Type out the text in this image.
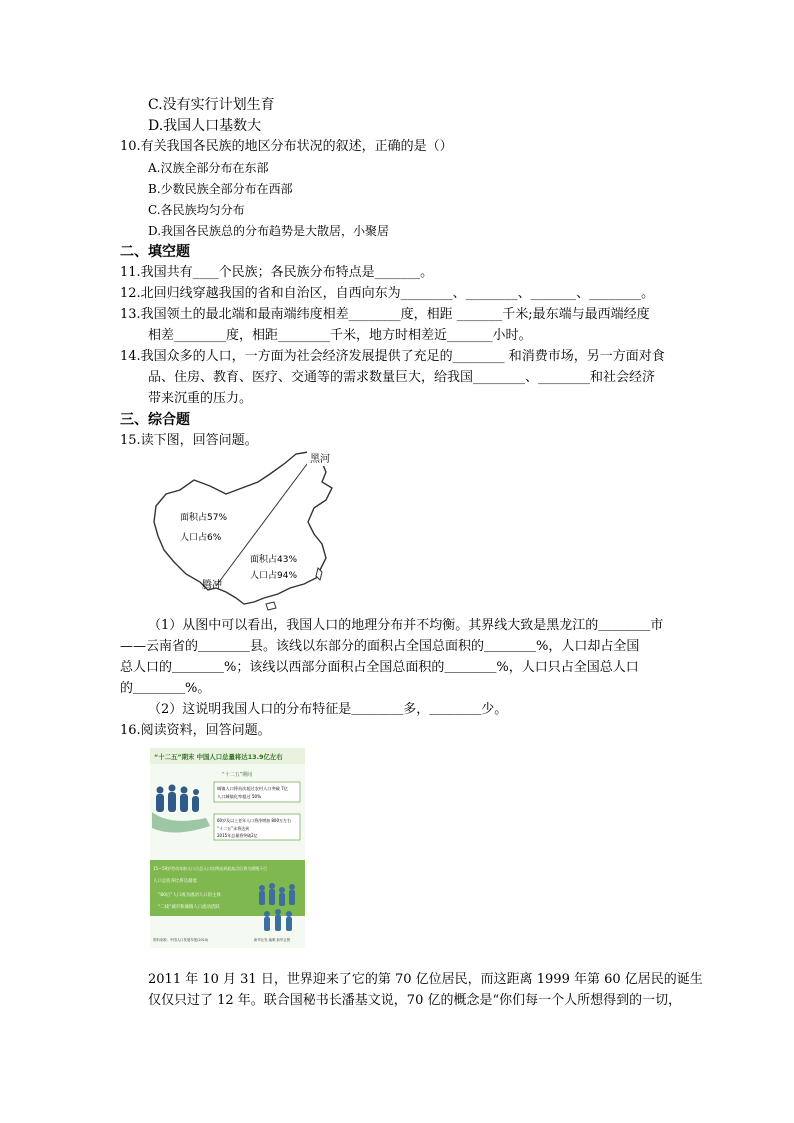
C.没有实行计划生育
D.我国人口基数大
10.有关我国各民族的地区分布状况的叙述，正确的是（）
A.汉族全部分布在东部
B.少数民族全部分布在西部
C.各民族均匀分布
D.我国各民族总的分布趋势是大散居，小聚居
二、填空题
11.我国共有____个民族；各民族分布特点是_______。
12.北回归线穿越我国的省和自治区，自西向东为________、________、_______、________。
13.我国领土的最北端和最南端纬度相差________度，相距 _______千米;最东端与最西端经度
相差________度，相距________千米，地方时相差近_______小时。
14.我国众多的人口，一方面为社会经济发展提供了充足的________ 和消费市场，另一方面对食
品、住房、教育、医疗、交通等的需求数量巨大，给我国________、________和社会经济
带来沉重的压力。
三、综合题
15.读下图，回答问题。
黑河
腾冲
面积占57%
人口占6%
面积占43%
人口占94%
（1）从图中可以看出，我国人口的地理分布并不均衡。其界线大致是黑龙江的＿＿＿＿市
——云南省的＿＿＿＿县。该线以东部分的面积占全国总面积的＿＿＿＿%，人口却占全国
总人口的＿＿＿＿%；该线以西部分面积占全国总面积的＿＿＿＿%，人口只占全国总人口
的＿＿＿＿%。
（2）这说明我国人口的分布特征是＿＿＿＿多，＿＿＿＿少。
16.阅读资料，回答问题。
“十二五”期末 中国人口总量将达13.9亿左右
“十二五”期间
城镇人口将首次超过农村人口突破 7亿
人口城镇化率超过 50%
60岁及以上老年人口将净增加 800万左右
“十二五”末将达到
2015年总量将突破2亿
15～59岁劳动年龄人口占总人口比例达到最高点后将为缓慢下行
人口总抚养比将达最低
“80后”人口成为流动人口的主体
“二线”城市和城镇人口流动活跃
资料来源：中国人口发展年报(2010)	新华社发 编制 新华社图
2011 年 10 月 31 日，世界迎来了它的第 70 亿位居民，而这距离 1999 年第 60 亿居民的诞生
仅仅只过了 12 年。联合国秘书长潘基文说，70 亿的概念是“你们每一个人所想得到的一切，
